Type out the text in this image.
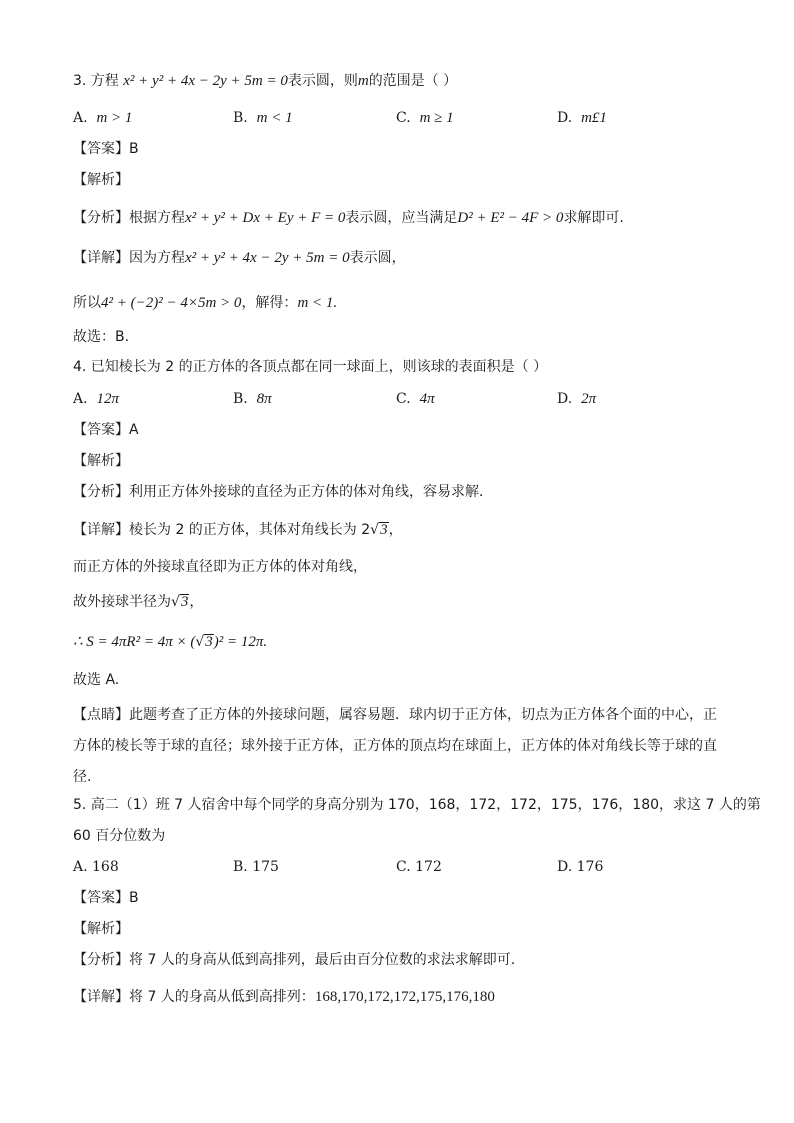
3. 方程 x² + y² + 4x − 2y + 5m = 0表示圆，则m的范围是（ ）
A. m > 1	B. m < 1	C. m ≥ 1	D. m£1
【答案】B
【解析】
【分析】根据方程x² + y² + Dx + Ey + F = 0表示圆，应当满足D² + E² − 4F > 0求解即可.
【详解】因为方程x² + y² + 4x − 2y + 5m = 0表示圆，
所以4² + (−2)² − 4×5m > 0，解得：m < 1.
故选：B.
4. 已知棱长为 2 的正方体的各顶点都在同一球面上，则该球的表面积是（ ）
A. 12π	B. 8π	C. 4π	D. 2π
【答案】A
【解析】
【分析】利用正方体外接球的直径为正方体的体对角线，容易求解．
【详解】棱长为 2 的正方体，其体对角线长为 2√3，
而正方体的外接球直径即为正方体的体对角线，
故外接球半径为√3，
∴ S = 4πR² = 4π × (√3)² = 12π.
故选 A.
【点睛】此题考查了正方体的外接球问题，属容易题．球内切于正方体，切点为正方体各个面的中心，正方体的棱长等于球的直径；球外接于正方体，正方体的顶点均在球面上，正方体的体对角线长等于球的直径.
5. 高二（1）班 7 人宿舍中每个同学的身高分别为 170，168，172，172，175，176，180，求这 7 人的第
60 百分位数为
A. 168	B. 175	C. 172	D. 176
【答案】B
【解析】
【分析】将 7 人的身高从低到高排列，最后由百分位数的求法求解即可.
【详解】将 7 人的身高从低到高排列：168,170,172,172,175,176,180
